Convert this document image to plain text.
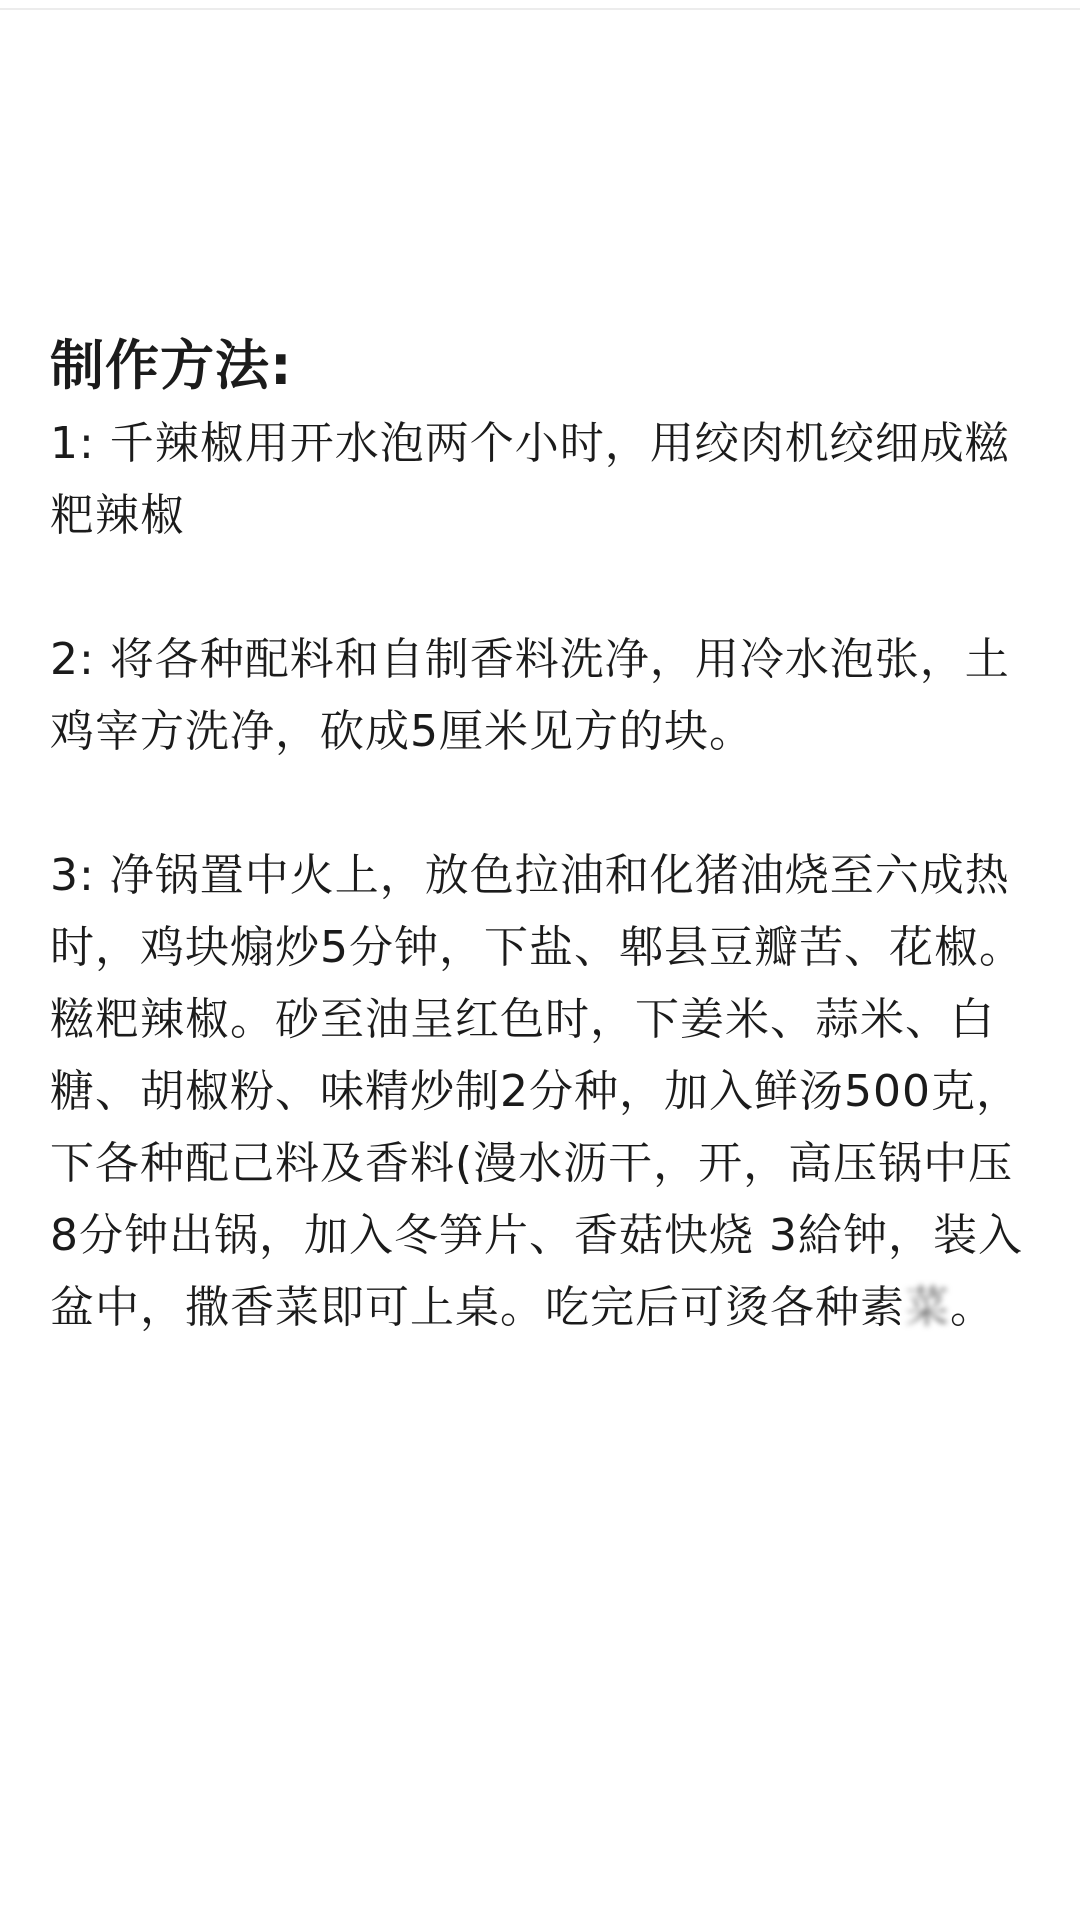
制作方法:

1: 千辣椒用开水泡两个小时，用绞肉机绞细成糍粑辣椒

2: 将各种配料和自制香料洗净，用冷水泡张，土鸡宰方洗净，砍成5厘米见方的块。

3: 净锅置中火上，放色拉油和化猪油烧至六成热时，鸡块煽炒5分钟，下盐、郫县豆瓣苦、花椒。糍粑辣椒。砂至油呈红色时，下姜米、蒜米、白糖、胡椒粉、味精炒制2分种，加入鲜汤500克，下各种配己料及香料(漫水沥干，开，高压锅中压8分钟出锅，加入冬笋片、香菇快烧 3給钟，装入盆中，撒香菜即可上桌。吃完后可烫各种素菜。
